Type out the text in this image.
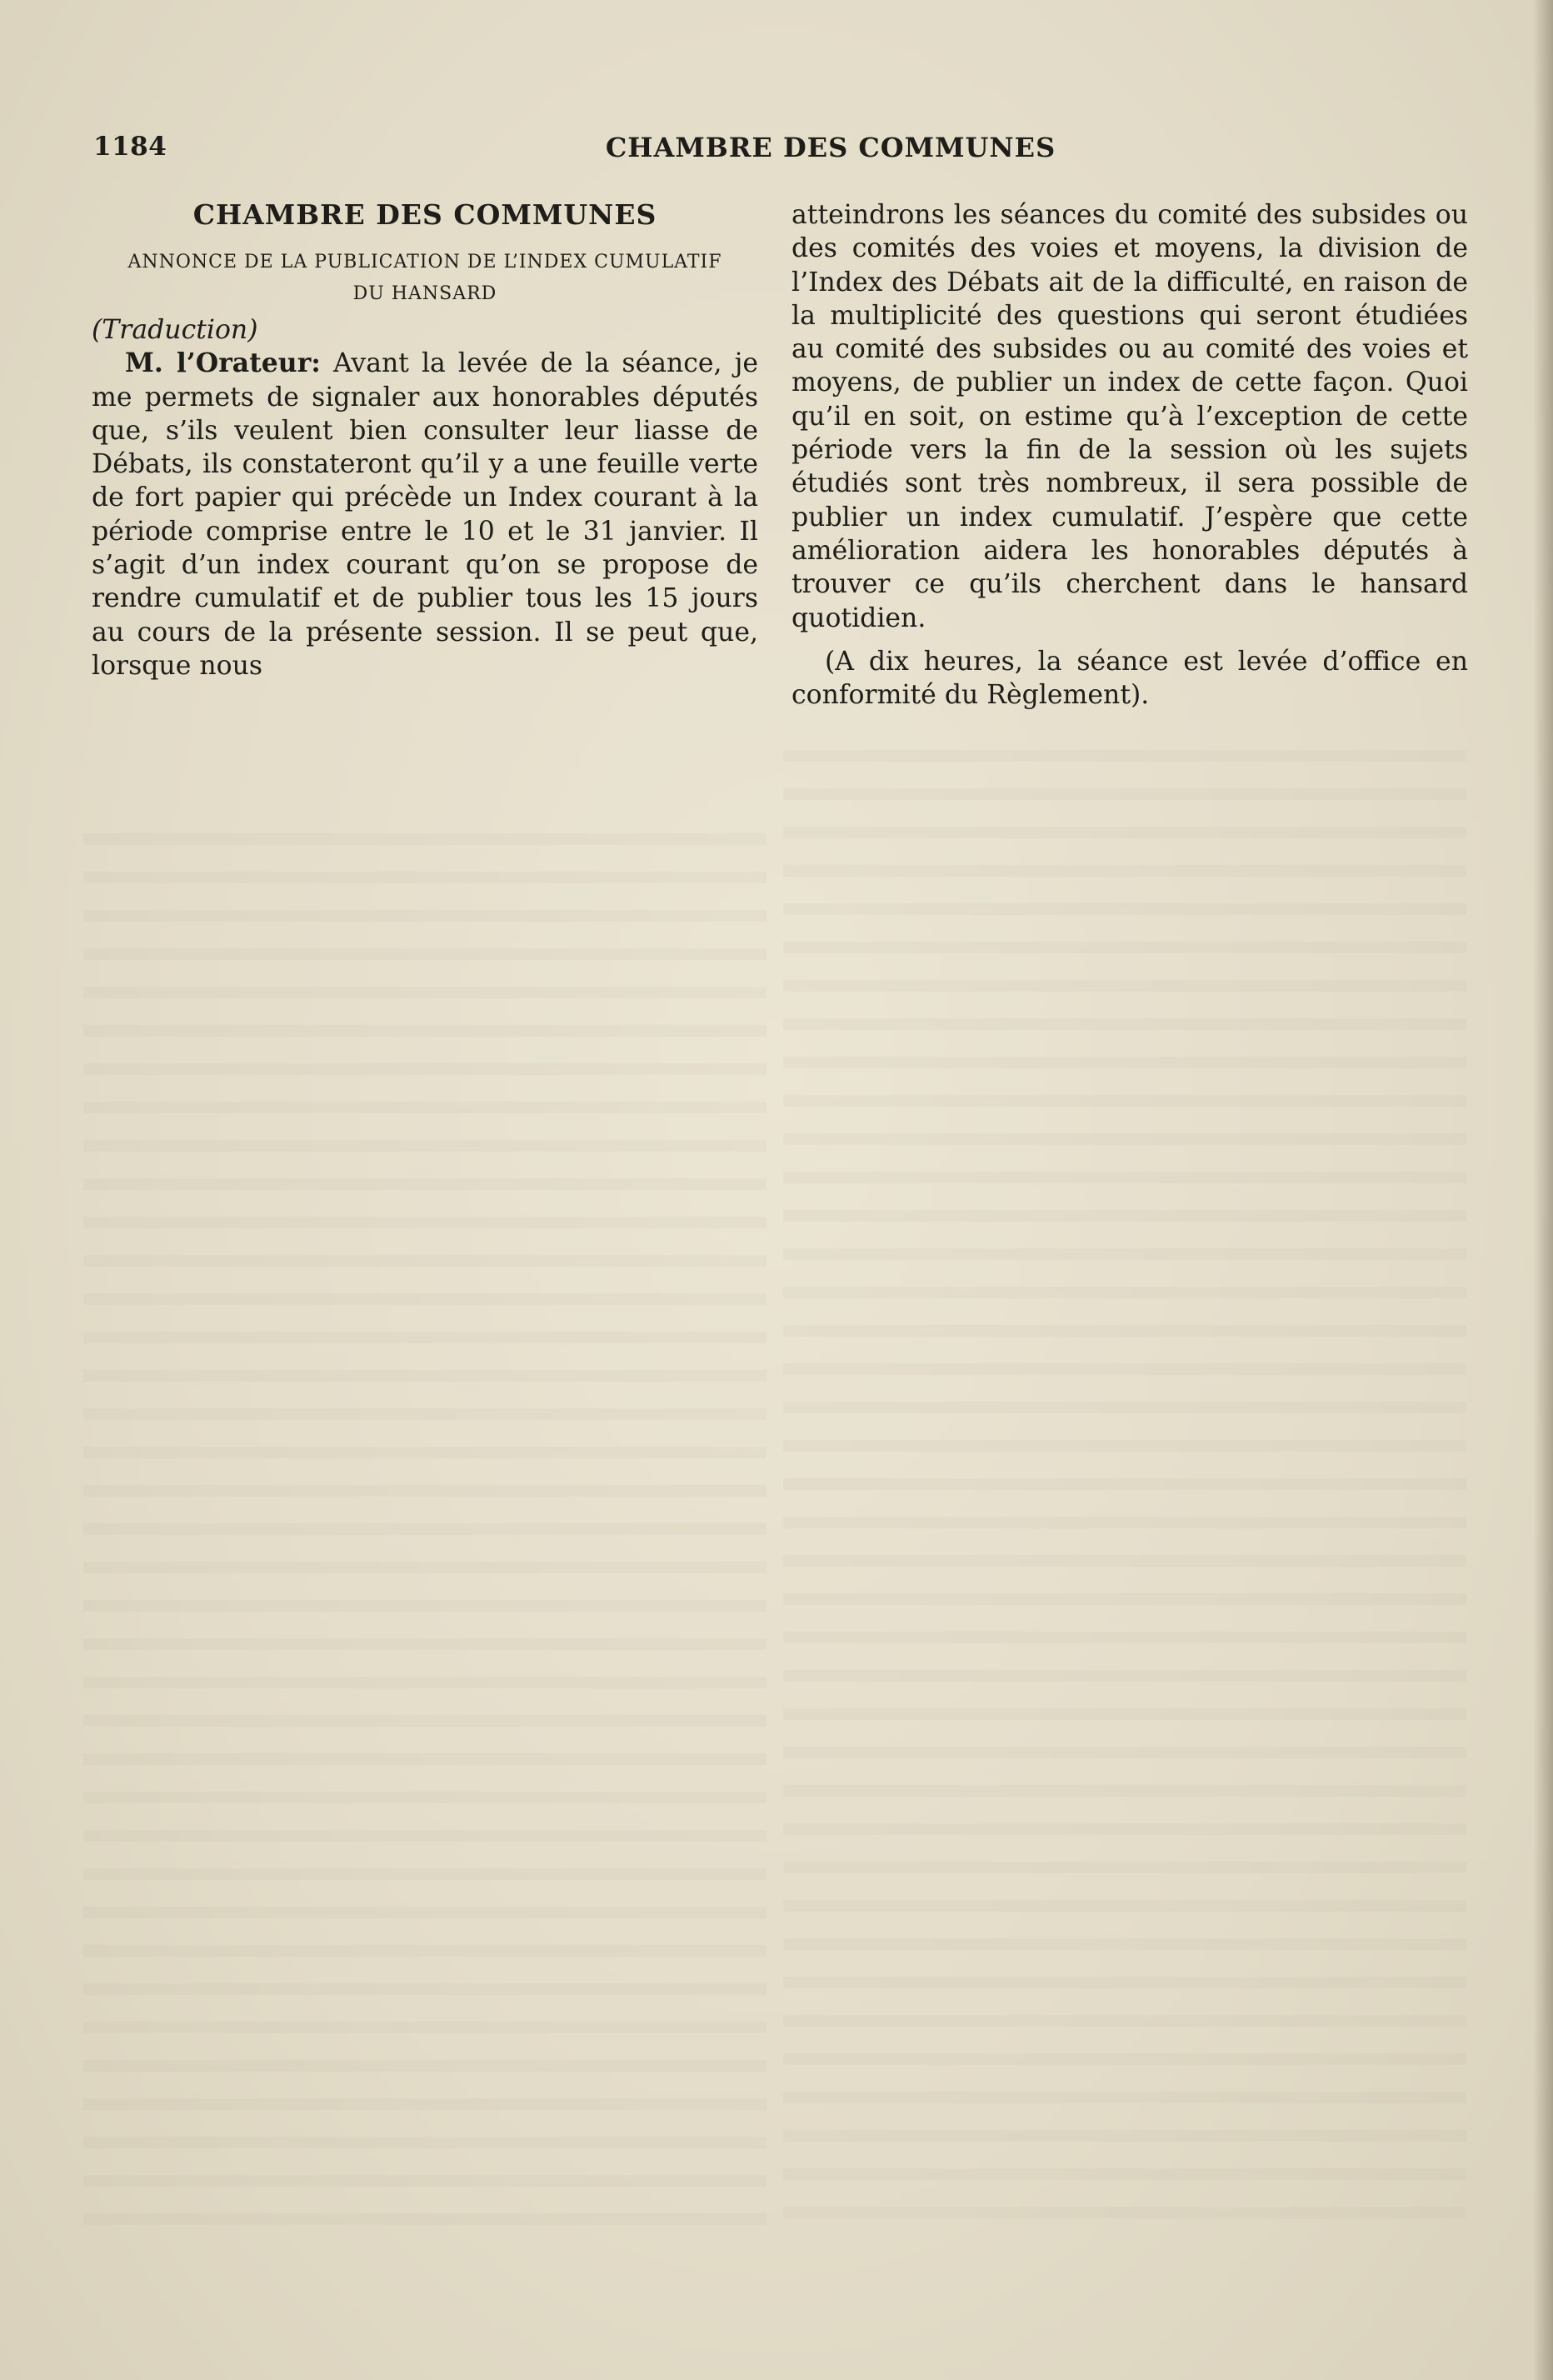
1184	CHAMBRE DES COMMUNES
CHAMBRE DES COMMUNES

ANNONCE DE LA PUBLICATION DE L’INDEX CUMULATIF DU HANSARD

(Traduction)

M. l’Orateur: Avant la levée de la séance, je me permets de signaler aux honorables députés que, s’ils veulent bien consulter leur liasse de Débats, ils constateront qu’il y a une feuille verte de fort papier qui précède un Index courant à la période comprise entre le 10 et le 31 janvier. Il s’agit d’un index courant qu’on se propose de rendre cumulatif et de publier tous les 15 jours au cours de la présente session. Il se peut que, lorsque nous

atteindrons les séances du comité des subsides ou des comités des voies et moyens, la division de l’Index des Débats ait de la difficulté, en raison de la multiplicité des questions qui seront étudiées au comité des subsides ou au comité des voies et moyens, de publier un index de cette façon. Quoi qu’il en soit, on estime qu’à l’exception de cette période vers la fin de la session où les sujets étudiés sont très nombreux, il sera possible de publier un index cumulatif. J’espère que cette amélioration aidera les honorables députés à trouver ce qu’ils cherchent dans le hansard quotidien.

(A dix heures, la séance est levée d’office en conformité du Règlement).
